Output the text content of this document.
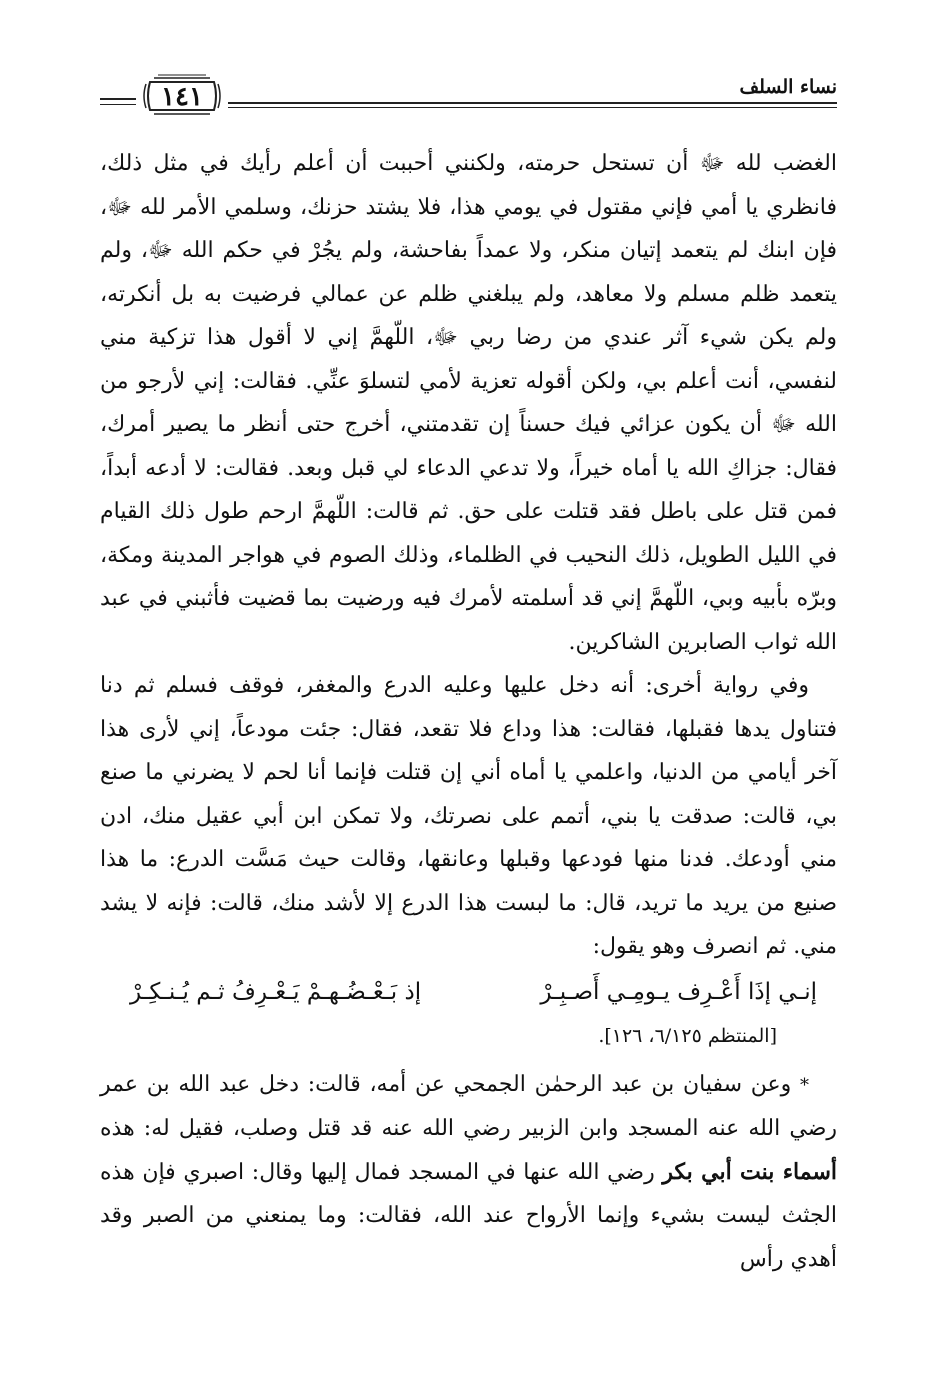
١٤١	نساء السلف

الغضب لله ﷻ أن تستحل حرمته، ولكنني أحببت أن أعلم رأيك في مثل ذلك، فانظري يا أمي فإني مقتول في يومي هذا، فلا يشتد حزنك، وسلمي الأمر لله ﷻ، فإن ابنك لم يتعمد إتيان منكر، ولا عمداً بفاحشة، ولم يجُرْ في حكم الله ﷻ، ولم يتعمد ظلم مسلم ولا معاهد، ولم يبلغني ظلم عن عمالي فرضيت به بل أنكرته، ولم يكن شيء آثر عندي من رضا ربي ﷻ، اللّهمَّ إني لا أقول هذا تزكية مني لنفسي، أنت أعلم بي، ولكن أقوله تعزية لأمي لتسلوَ عنِّي. فقالت: إني لأرجو من الله ﷻ أن يكون عزائي فيك حسناً إن تقدمتني، أخرج حتى أنظر ما يصير أمرك، فقال: جزاكِ الله يا أماه خيراً، ولا تدعي الدعاء لي قبل وبعد. فقالت: لا أدعه أبداً، فمن قتل على باطل فقد قتلت على حق. ثم قالت: اللّهمَّ ارحم طول ذلك القيام في الليل الطويل، ذلك النحيب في الظلماء، وذلك الصوم في هواجر المدينة ومكة، وبرّه بأبيه وبي، اللّهمَّ إني قد أسلمته لأمرك فيه ورضيت بما قضيت فأثبني في عبد الله ثواب الصابرين الشاكرين.

وفي رواية أخرى: أنه دخل عليها وعليه الدرع والمغفر، فوقف فسلم ثم دنا فتناول يدها فقبلها، فقالت: هذا وداع فلا تقعد، فقال: جئت مودعاً، إني لأرى هذا آخر أيامي من الدنيا، واعلمي يا أماه أني إن قتلت فإنما أنا لحم لا يضرني ما صنع بي، قالت: صدقت يا بني، أتمم على نصرتك، ولا تمكن ابن أبي عقيل منك، ادن مني أودعك. فدنا منها فودعها وقبلها وعانقها، وقالت حيث مَسَّت الدرع: ما هذا صنيع من يريد ما تريد، قال: ما لبست هذا الدرع إلا لأشد منك، قالت: فإنه لا يشد مني. ثم انصرف وهو يقول:

إنـي إذَا أَعْـرِف يـومِـي أَصـبِـرْ
إذ بَـعْـضُـهـمْ يَـعْـرِفُ ثـم يُـنـكِـرْ
[المنتظم ٦/١٢٥، ١٢٦].

* وعن سفيان بن عبد الرحمٰن الجمحي عن أمه، قالت: دخل عبد الله بن عمر رضي الله عنه المسجد وابن الزبير رضي الله عنه قد قتل وصلب، فقيل له: هذه أسماء بنت أبي بكر رضي الله عنها في المسجد فمال إليها وقال: اصبري فإن هذه الجثث ليست بشيء وإنما الأرواح عند الله، فقالت: وما يمنعني من الصبر وقد أهدي رأس
